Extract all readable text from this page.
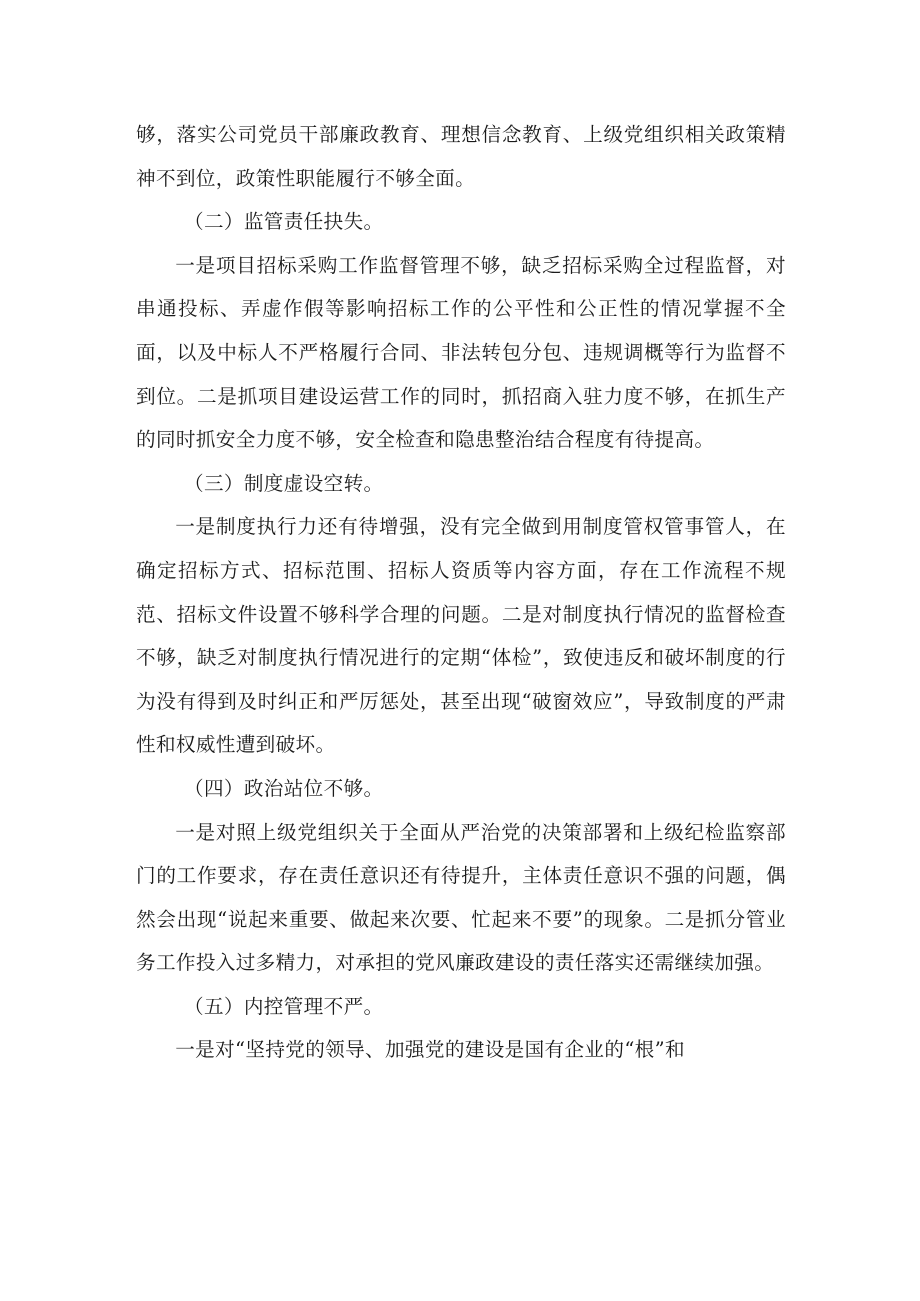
够，落实公司党员干部廉政教育、理想信念教育、上级党组织相关政策精神不到位，政策性职能履行不够全面。

（二）监管责任抉失。

一是项目招标采购工作监督管理不够，缺乏招标采购全过程监督，对串通投标、弄虚作假等影响招标工作的公平性和公正性的情况掌握不全面，以及中标人不严格履行合同、非法转包分包、违规调概等行为监督不到位。二是抓项目建设运营工作的同时，抓招商入驻力度不够，在抓生产的同时抓安全力度不够，安全检查和隐患整治结合程度有待提高。

（三）制度虚设空转。

一是制度执行力还有待增强，没有完全做到用制度管权管事管人，在确定招标方式、招标范围、招标人资质等内容方面，存在工作流程不规范、招标文件设置不够科学合理的问题。二是对制度执行情况的监督检查不够，缺乏对制度执行情况进行的定期“体检”，致使违反和破坏制度的行为没有得到及时纠正和严厉惩处，甚至出现“破窗效应”，导致制度的严肃性和权威性遭到破坏。

（四）政治站位不够。

一是对照上级党组织关于全面从严治党的决策部署和上级纪检监察部门的工作要求，存在责任意识还有待提升，主体责任意识不强的问题，偶然会出现“说起来重要、做起来次要、忙起来不要”的现象。二是抓分管业务工作投入过多精力，对承担的党风廉政建设的责任落实还需继续加强。

（五）内控管理不严。

一是对“坚持党的领导、加强党的建设是国有企业的“根”和
